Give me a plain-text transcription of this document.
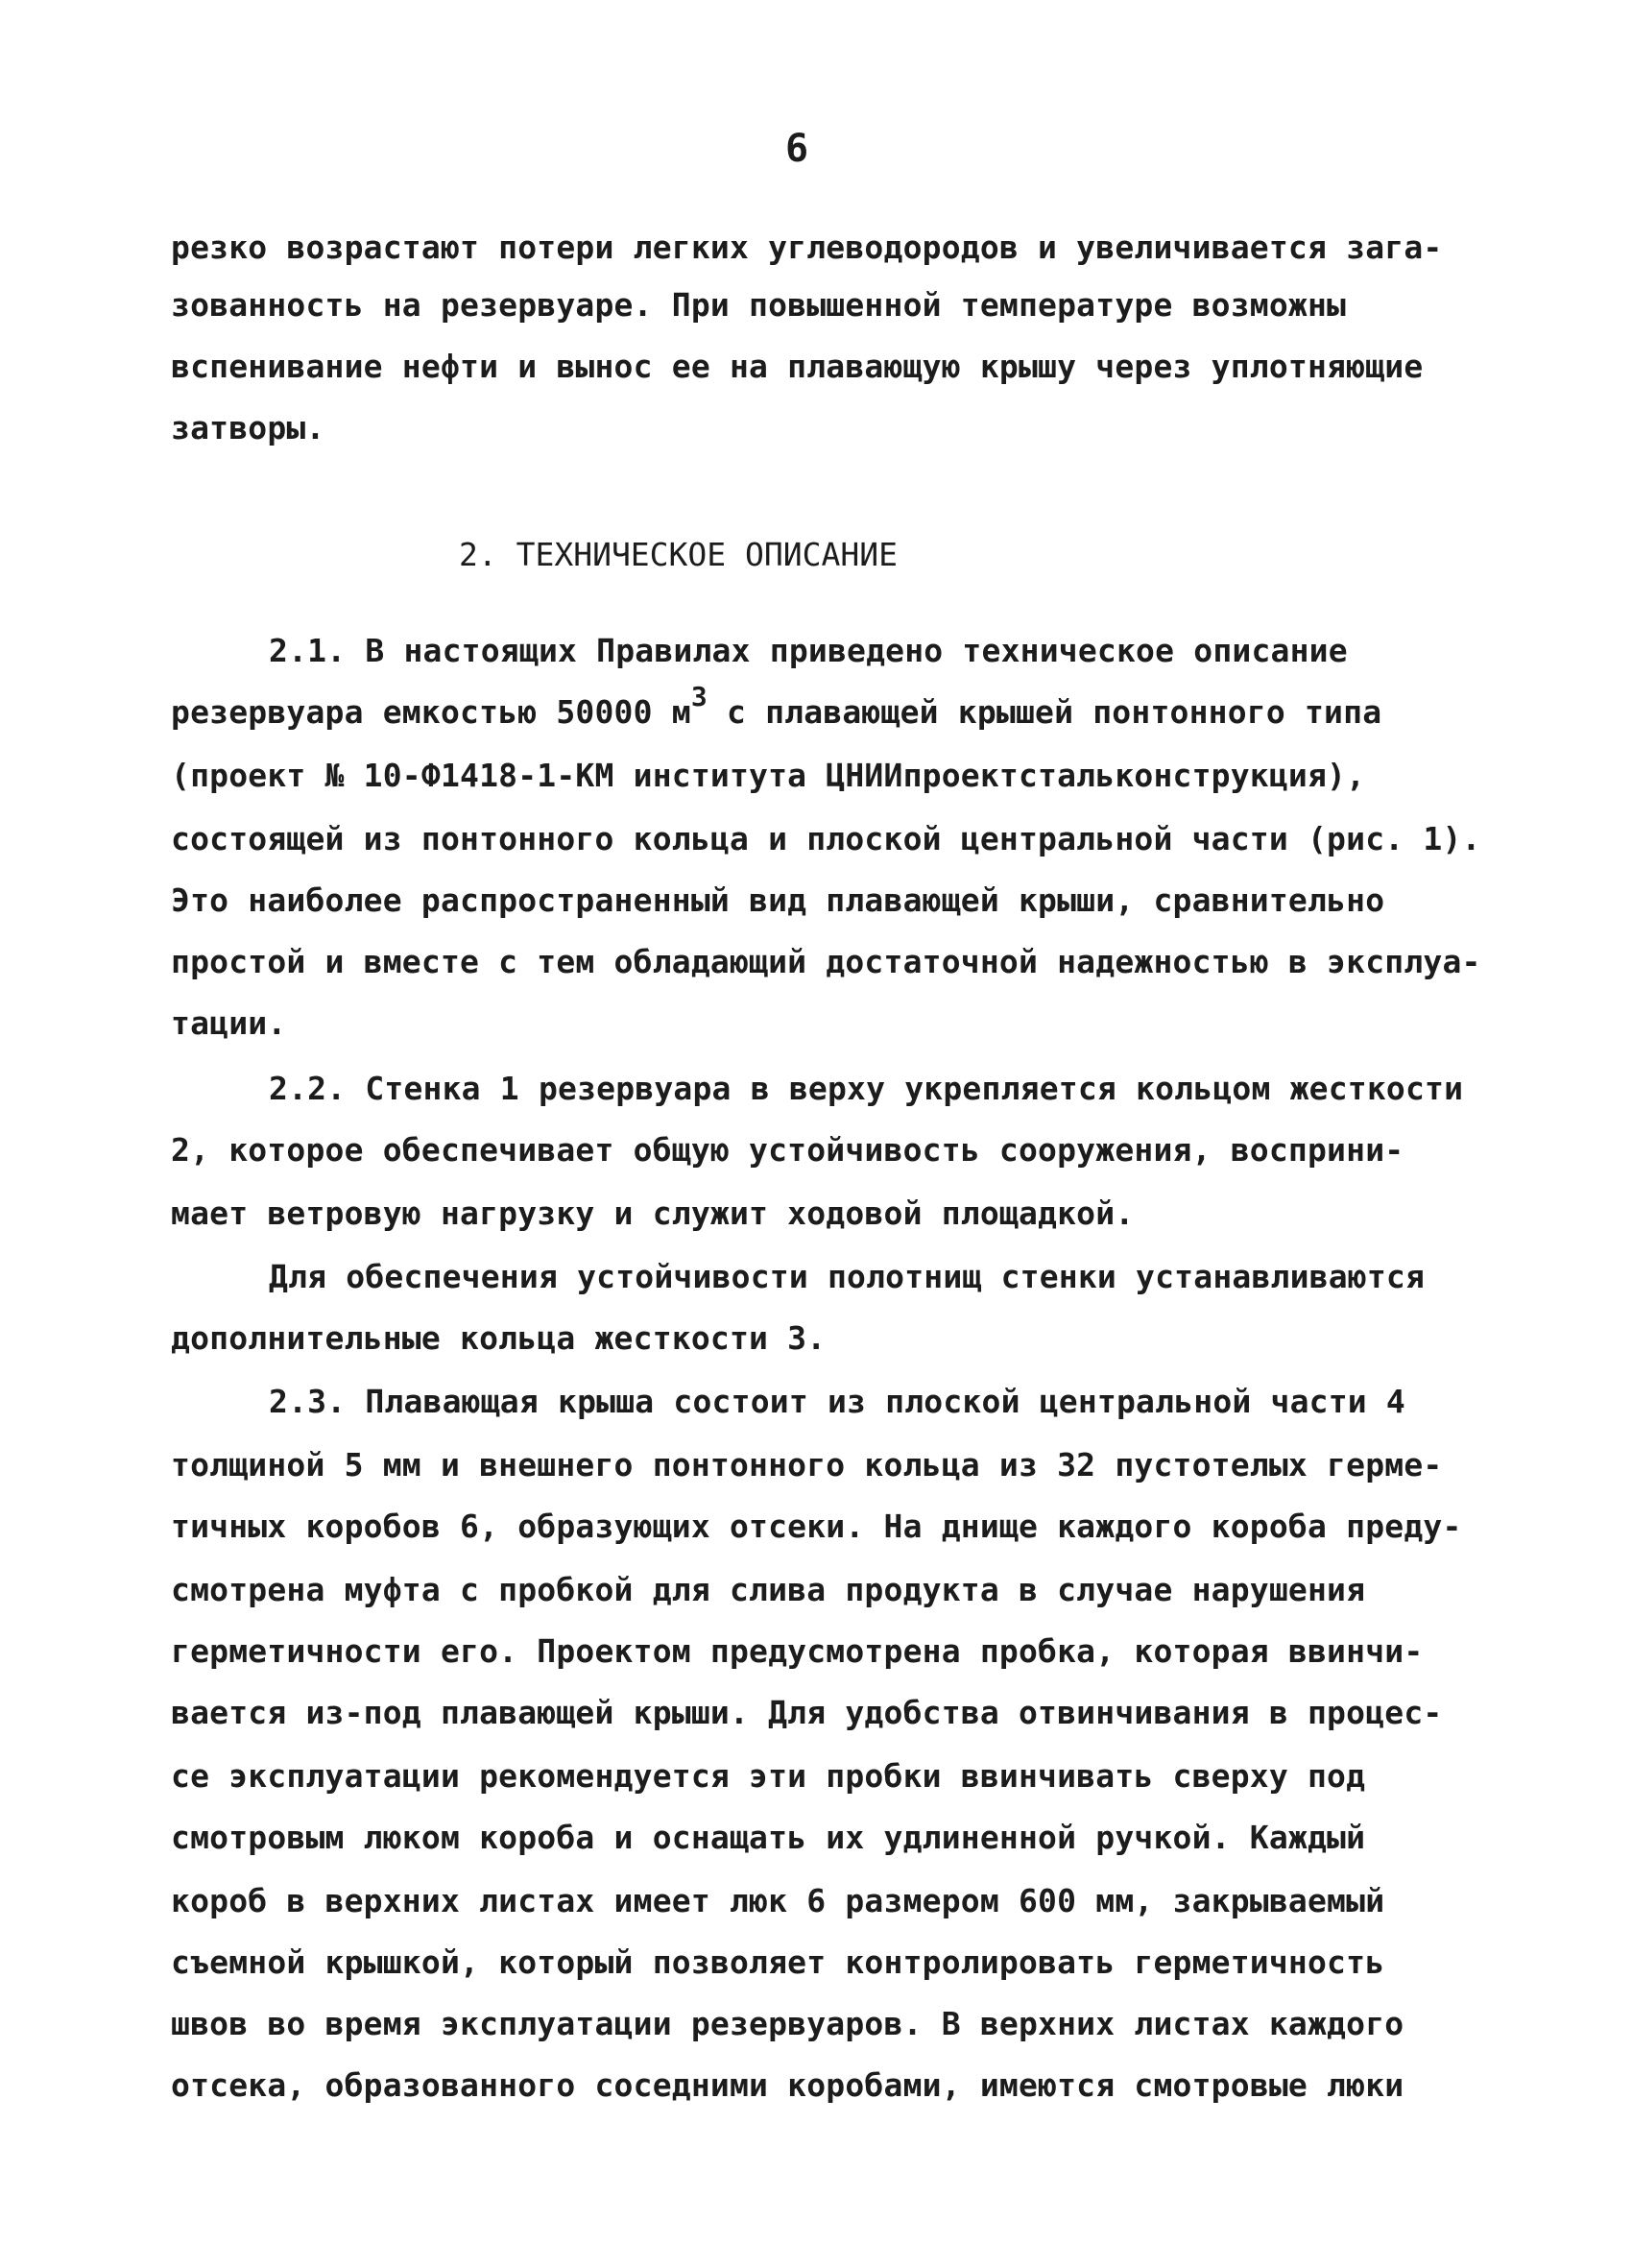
6
резко возрастают потери легких углеводородов и увеличивается зага-
зованность на резервуаре. При повышенной температуре возможны
вспенивание нефти и вынос ее на плавающую крышу через уплотняющие
затворы.
2. ТЕХНИЧЕСКОЕ ОПИСАНИЕ
2.1. В настоящих Правилах приведено техническое описание
резервуара емкостью 50000 $м^3$ с плавающей крышей понтонного типа
(проект № 10-Ф1418-1-КМ института ЦНИИпроектстальконструкция),
состоящей из понтонного кольца и плоской центральной части (рис. 1).
Это наиболее распространенный вид плавающей крыши, сравнительно
простой и вместе с тем обладающий достаточной надежностью в эксплуа-
тации.
2.2. Стенка 1 резервуара в верху укрепляется кольцом жесткости
2, которое обеспечивает общую устойчивость сооружения, восприни-
мает ветровую нагрузку и служит ходовой площадкой.
Для обеспечения устойчивости полотнищ стенки устанавливаются
дополнительные кольца жесткости 3.
2.3. Плавающая крыша состоит из плоской центральной части 4
толщиной 5 мм и внешнего понтонного кольца из 32 пустотелых герме-
тичных коробов 6, образующих отсеки. На днище каждого короба преду-
смотрена муфта с пробкой для слива продукта в случае нарушения
герметичности его. Проектом предусмотрена пробка, которая ввинчи-
вается из-под плавающей крыши. Для удобства отвинчивания в процес-
се эксплуатации рекомендуется эти пробки ввинчивать сверху под
смотровым люком короба и оснащать их удлиненной ручкой. Каждый
короб в верхних листах имеет люк 6 размером 600 мм, закрываемый
съемной крышкой, который позволяет контролировать герметичность
швов во время эксплуатации резервуаров. В верхних листах каждого
отсека, образованного соседними коробами, имеются смотровые люки
